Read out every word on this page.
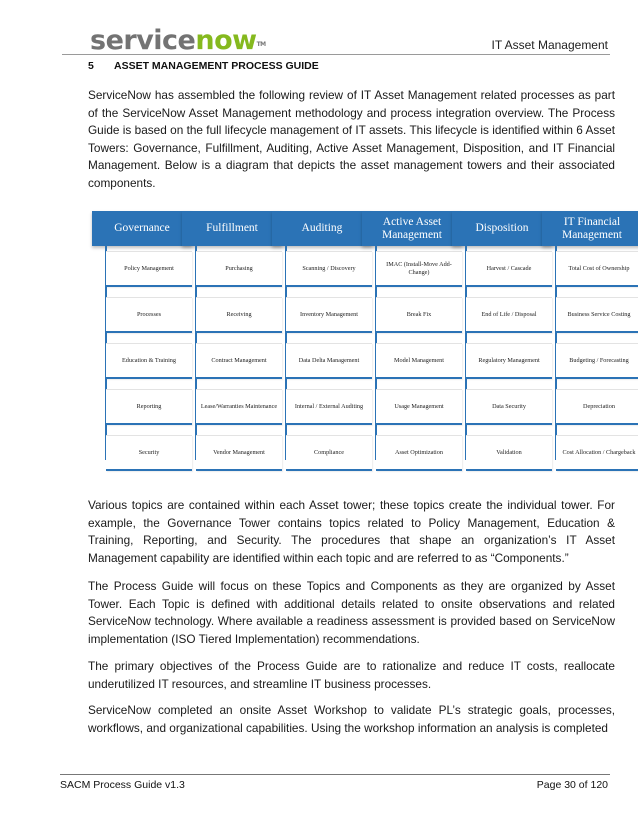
servicenow™	IT Asset Management
5 ASSET MANAGEMENT PROCESS GUIDE
ServiceNow has assembled the following review of IT Asset Management related processes as part of the ServiceNow Asset Management methodology and process integration overview. The Process Guide is based on the full lifecycle management of IT assets. This lifecycle is identified within 6 Asset Towers: Governance, Fulfillment, Auditing, Active Asset Management, Disposition, and IT Financial Management. Below is a diagram that depicts the asset management towers and their associated components.
Governance
Policy Management
Processes
Education & Training
Reporting
Security
Fulfillment
Purchasing
Receiving
Contract Management
Lease/Warranties Maintenance
Vendor Management
Auditing
Scanning / Discovery
Inventory Management
Data Delta Management
Internal / External Auditing
Compliance
Active Asset Management
IMAC (Install-Move Add-Change)
Break Fix
Model Management
Usage Management
Asset Optimization
Disposition
Harvest / Cascade
End of Life / Disposal
Regulatory Management
Data Security
Validation
IT Financial Management
Total Cost of Ownership
Business Service Costing
Budgeting / Forecasting
Depreciation
Cost Allocation / Chargeback
Various topics are contained within each Asset tower; these topics create the individual tower. For example, the Governance Tower contains topics related to Policy Management, Education & Training, Reporting, and Security. The procedures that shape an organization’s IT Asset Management capability are identified within each topic and are referred to as “Components.”
The Process Guide will focus on these Topics and Components as they are organized by Asset Tower. Each Topic is defined with additional details related to onsite observations and related ServiceNow technology. Where available a readiness assessment is provided based on ServiceNow implementation (ISO Tiered Implementation) recommendations.
The primary objectives of the Process Guide are to rationalize and reduce IT costs, reallocate underutilized IT resources, and streamline IT business processes.
ServiceNow completed an onsite Asset Workshop to validate PL’s strategic goals, processes, workflows, and organizational capabilities. Using the workshop information an analysis is completed
SACM Process Guide v1.3	Page 30 of 120
